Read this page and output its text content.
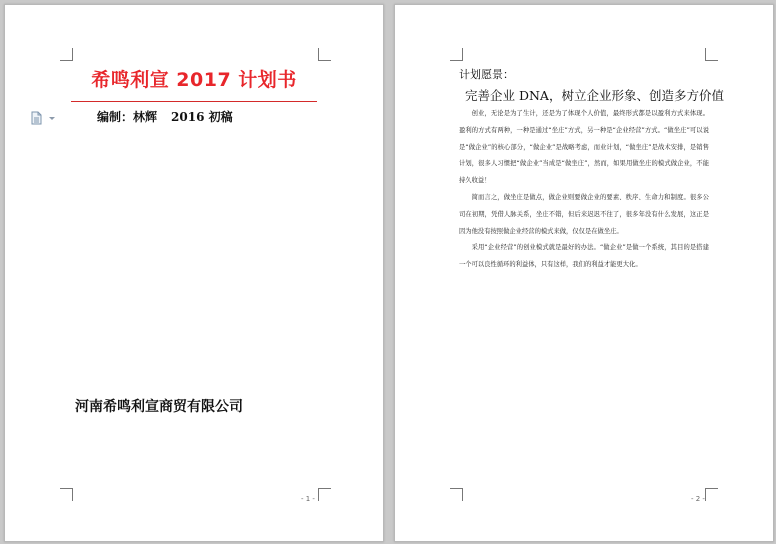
希鸣利宣 2017 计划书
编制：林辉 2016 初稿
河南希鸣利宣商贸有限公司
- 1 -
计划愿景：
完善企业 DNA，树立企业形象、创造多方价值

创业，无论是为了生计，还是为了体现个人价值，最终形式都是以盈利方式来体现。盈利的方式有两种，一种是通过“坐庄”方式，另一种是“企业经营”方式。“做坐庄”可以说是“做企业”的核心部分，“做企业”是战略考虑，而业计划，“做坐庄”是战术安排，是销售计划，很多人习惯把“做企业”当成是“做坐庄”，然而，如果用做坐庄的模式做企业，不能持久收益！

简而言之，做坐庄是做点，做企业则要做企业的要素、秩序、生命力和制度。很多公司在初期，凭借人脉关系，坐庄不错，但后来迟迟不往了，很多年没有什么发展，这正是因为他没有按照做企业经营的模式来做，仅仅是在做坐庄。

采用“企业经营”的创业模式就是最好的办法。“做企业”是做一个系统，其目的是搭建一个可以良性循环的利益体，只有这样，我们的利益才能更大化。

- 2 -
